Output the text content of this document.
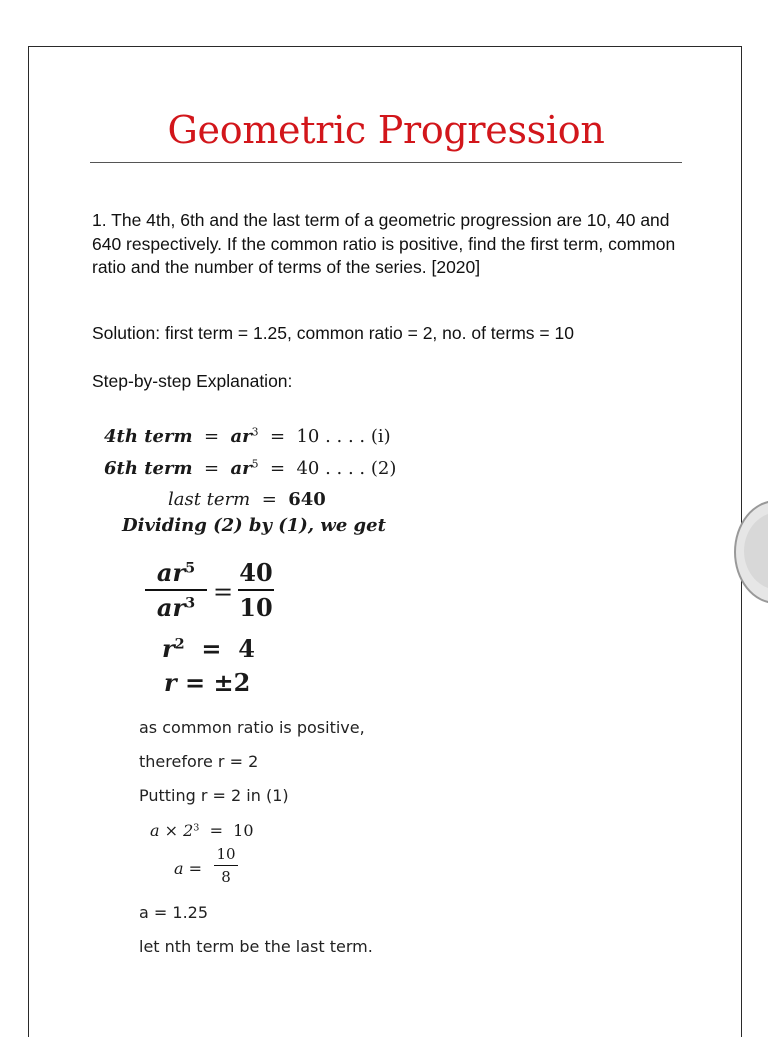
Geometric Progression
1. The 4th, 6th and the last term of a geometric progression are 10, 40 and 640 respectively. If the common ratio is positive, find the first term, common ratio and the number of terms of the series. [2020]
Solution: first term = 1.25, common ratio = 2, no. of terms = 10
Step-by-step Explanation:
4th term  =  $ar^3 = 10$ . . . . (i)
6th term  =  $ar^5 = 40$ . . . . (2)
last term  =  640
Dividing (2) by (1), we get
$ar^5$
$ar^3$ =
40
10
$r^2 = 4$
r = ±2
as common ratio is positive,
therefore r = 2
Putting r = 2 in (1)
$a \times 2^3 = 10$
a =
10
8
a = 1.25
let nth term be the last term.
